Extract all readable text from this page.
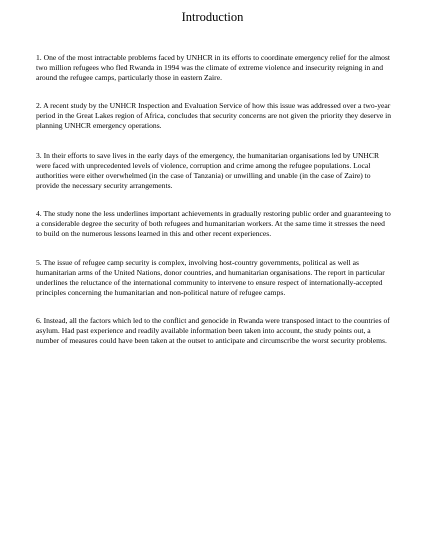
Introduction
1. One of the most intractable problems faced by UNHCR in its efforts to coordinate emergency relief for the almost two million refugees who fled Rwanda in 1994 was the climate of extreme violence and insecurity reigning in and around the refugee camps, particularly those in eastern Zaire.
2. A recent study by the UNHCR Inspection and Evaluation Service of how this issue was addressed over a two-year period in the Great Lakes region of Africa, concludes that security concerns are not given the priority they deserve in planning UNHCR emergency operations.
3. In their efforts to save lives in the early days of the emergency, the humanitarian organisations led by UNHCR were faced with unprecedented levels of violence, corruption and crime among the refugee populations. Local authorities were either overwhelmed (in the case of Tanzania) or unwilling and unable (in the case of Zaire) to provide the necessary security arrangements.
4. The study none the less underlines important achievements in gradually restoring public order and guaranteeing to a considerable degree the security of both refugees and humanitarian workers. At the same time it stresses the need to build on the numerous lessons learned in this and other recent experiences.
5. The issue of refugee camp security is complex, involving host-country governments, political as well as humanitarian arms of the United Nations, donor countries, and humanitarian organisations. The report in particular underlines the reluctance of the international community to intervene to ensure respect of internationally-accepted principles concerning the humanitarian and non-political nature of refugee camps.
6. Instead, all the factors which led to the conflict and genocide in Rwanda were transposed intact to the countries of asylum. Had past experience and readily available information been taken into account, the study points out, a number of measures could have been taken at the outset to anticipate and circumscribe the worst security problems.
